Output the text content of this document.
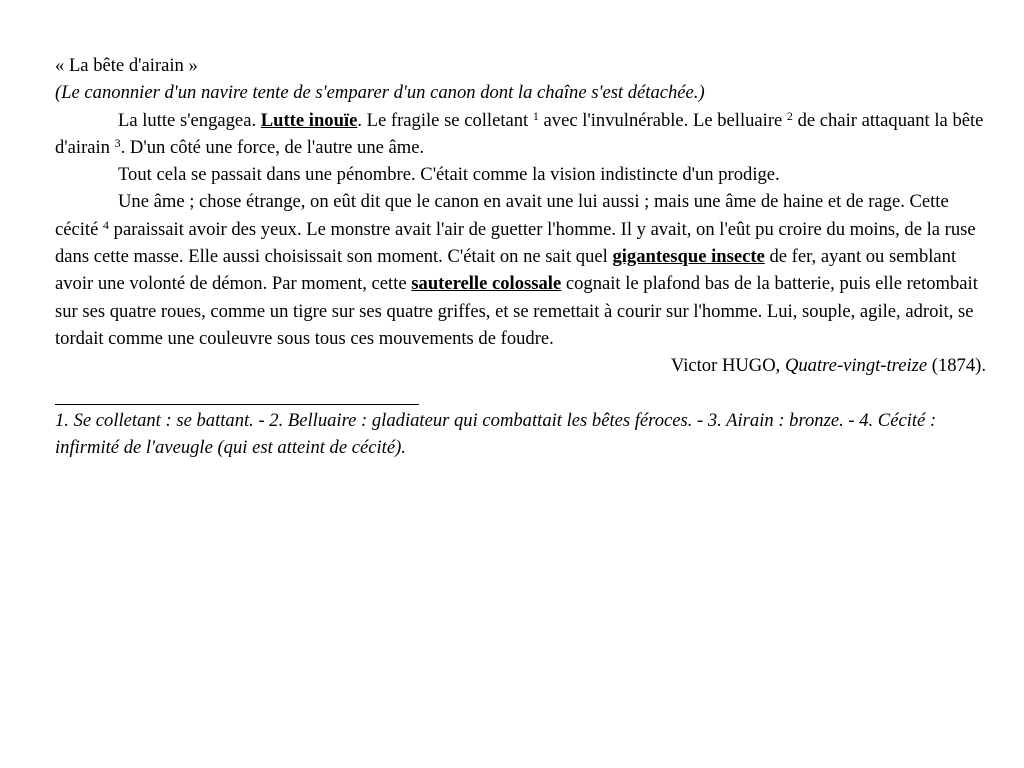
« La bête d'airain »

(Le canonnier d'un navire tente de s'emparer d'un canon dont la chaîne s'est détachée.)

La lutte s'engagea. Lutte inouïe. Le fragile se colletant $^1$ avec l'invulnérable. Le belluaire $^2$ de chair attaquant la bête d'airain $^3$. D'un côté une force, de l'autre une âme.

Tout cela se passait dans une pénombre. C'était comme la vision indistincte d'un prodige.

Une âme ; chose étrange, on eût dit que le canon en avait une lui aussi ; mais une âme de haine et de rage. Cette cécité $^4$ paraissait avoir des yeux. Le monstre avait l'air de guetter l'homme. Il y avait, on l'eût pu croire du moins, de la ruse dans cette masse. Elle aussi choisissait son moment. C'était on ne sait quel gigantesque insecte de fer, ayant ou semblant avoir une volonté de démon. Par moment, cette sauterelle colossale cognait le plafond bas de la batterie, puis elle retombait sur ses quatre roues, comme un tigre sur ses quatre griffes, et se remettait à courir sur l'homme. Lui, souple, agile, adroit, se tordait comme une couleuvre sous tous ces mouvements de foudre.

Victor HUGO, Quatre-vingt-treize (1874).

1. Se colletant : se battant. - 2. Belluaire : gladiateur qui combattait les bêtes féroces. - 3. Airain : bronze. - 4. Cécité : infirmité de l'aveugle (qui est atteint de cécité).
